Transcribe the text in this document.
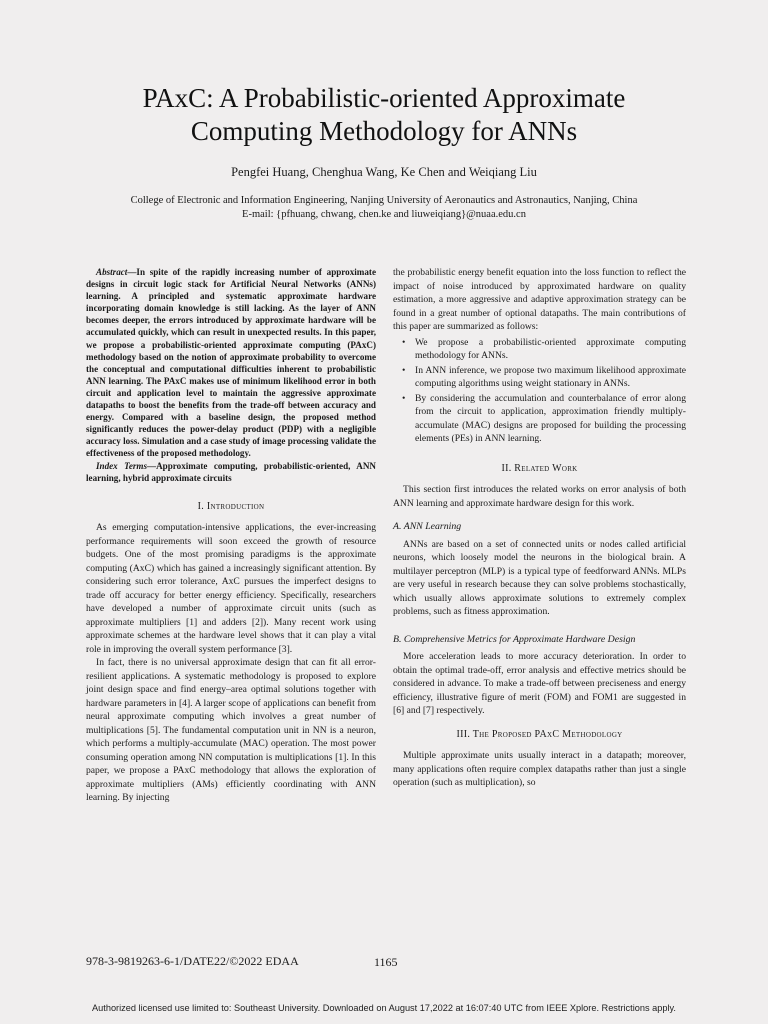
PAxC: A Probabilistic-oriented Approximate
Computing Methodology for ANNs
Pengfei Huang, Chenghua Wang, Ke Chen and Weiqiang Liu
College of Electronic and Information Engineering, Nanjing University of Aeronautics and Astronautics, Nanjing, China
E-mail: {pfhuang, chwang, chen.ke and liuweiqiang}@nuaa.edu.cn

Abstract—In spite of the rapidly increasing number of approximate designs in circuit logic stack for Artificial Neural Networks (ANNs) learning. A principled and systematic approximate hardware incorporating domain knowledge is still lacking. As the layer of ANN becomes deeper, the errors introduced by approximate hardware will be accumulated quickly, which can result in unexpected results. In this paper, we propose a probabilistic-oriented approximate computing (PAxC) methodology based on the notion of approximate probability to overcome the conceptual and computational difficulties inherent to probabilistic ANN learning. The PAxC makes use of minimum likelihood error in both circuit and application level to maintain the aggressive approximate datapaths to boost the benefits from the trade-off between accuracy and energy. Compared with a baseline design, the proposed method significantly reduces the power-delay product (PDP) with a negligible accuracy loss. Simulation and a case study of image processing validate the effectiveness of the proposed methodology.

Index Terms—Approximate computing, probabilistic-oriented, ANN learning, hybrid approximate circuits

I. Introduction

As emerging computation-intensive applications, the ever-increasing performance requirements will soon exceed the growth of resource budgets. One of the most promising paradigms is the approximate computing (AxC) which has gained a increasingly significant attention. By considering such error tolerance, AxC pursues the imperfect designs to trade off accuracy for better energy efficiency. Specifically, researchers have developed a number of approximate circuit units (such as approximate multipliers [1] and adders [2]). Many recent work using approximate schemes at the hardware level shows that it can play a vital role in improving the overall system performance [3].

In fact, there is no universal approximate design that can fit all error-resilient applications. A systematic methodology is proposed to explore joint design space and find energy–area optimal solutions together with hardware parameters in [4]. A larger scope of applications can benefit from neural approximate computing which involves a great number of multiplications [5]. The fundamental computation unit in NN is a neuron, which performs a multiply-accumulate (MAC) operation. The most power consuming operation among NN computation is multiplications [1]. In this paper, we propose a PAxC methodology that allows the exploration of approximate multipliers (AMs) efficiently coordinating with ANN learning. By injecting

the probabilistic energy benefit equation into the loss function to reflect the impact of noise introduced by approximated hardware on quality estimation, a more aggressive and adaptive approximation strategy can be found in a great number of optional datapaths. The main contributions of this paper are summarized as follows:

• We propose a probabilistic-oriented approximate computing methodology for ANNs.
• In ANN inference, we propose two maximum likelihood approximate computing algorithms using weight stationary in ANNs.
• By considering the accumulation and counterbalance of error along from the circuit to application, approximation friendly multiply-accumulate (MAC) designs are proposed for building the processing elements (PEs) in ANN learning.
II. Related Work

This section first introduces the related works on error analysis of both ANN learning and approximate hardware design for this work.

A. ANN Learning

ANNs are based on a set of connected units or nodes called artificial neurons, which loosely model the neurons in the biological brain. A multilayer perceptron (MLP) is a typical type of feedforward ANNs. MLPs are very useful in research because they can solve problems stochastically, which usually allows approximate solutions to extremely complex problems, such as fitness approximation.

B. Comprehensive Metrics for Approximate Hardware Design

More acceleration leads to more accuracy deterioration. In order to obtain the optimal trade-off, error analysis and effective metrics should be considered in advance. To make a trade-off between preciseness and energy efficiency, illustrative figure of merit (FOM) and FOM1 are suggested in [6] and [7] respectively.

III. The Proposed PAxC Methodology

Multiple approximate units usually interact in a datapath; moreover, many applications often require complex datapaths rather than just a single operation (such as multiplication), so

978-3-9819263-6-1/DATE22/©2022 EDAA	1165
Authorized licensed use limited to: Southeast University. Downloaded on August 17,2022 at 16:07:40 UTC from IEEE Xplore. Restrictions apply.
